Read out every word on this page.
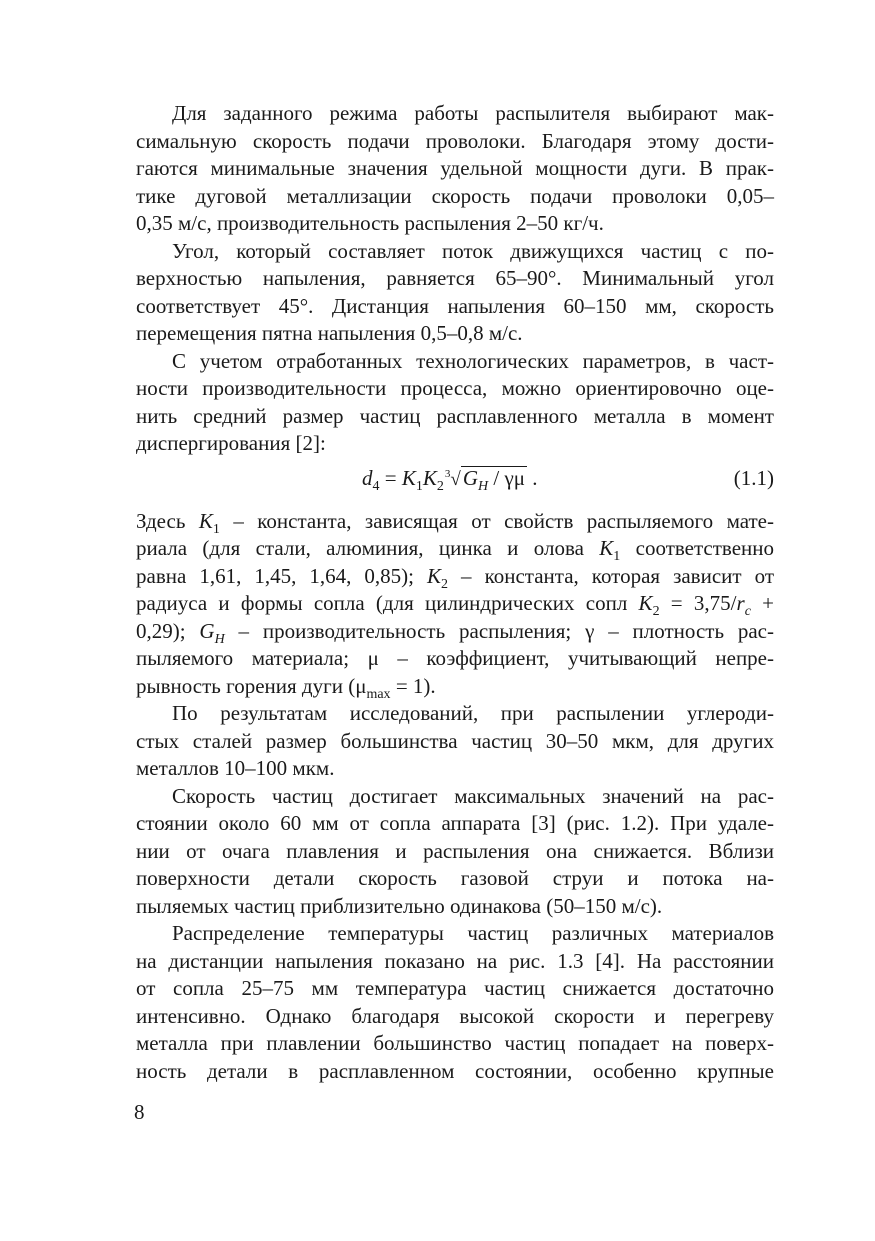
Для заданного режима работы распылителя выбирают мак-
симальную скорость подачи проволоки. Благодаря этому дости-
гаются минимальные значения удельной мощности дуги. В прак-
тике дуговой металлизации скорость подачи проволоки 0,05–
0,35 м/с, производительность распыления 2–50 кг/ч.
Угол, который составляет поток движущихся частиц с по-
верхностью напыления, равняется 65–90°. Минимальный угол
соответствует 45°. Дистанция напыления 60–150 мм, скорость
перемещения пятна напыления 0,5–0,8 м/с.
С учетом отработанных технологических параметров, в част-
ности производительности процесса, можно ориентировочно оце-
нить средний размер частиц расплавленного металла в момент
диспергирования [2]:
$d_4 = K_1K_2^3√G_H / \gamma\mu$ .	(1.1)
Здесь $K_1$ – константа, зависящая от свойств распыляемого мате-
риала (для стали, алюминия, цинка и олова $K_1$ соответственно
равна 1,61, 1,45, 1,64, 0,85); $K_2$ – константа, которая зависит от
радиуса и формы сопла (для цилиндрических сопл $K_2 = 3,75/r_c$ +
0,29); $G_H$ – производительность распыления; γ – плотность рас-
пыляемого материала; μ – коэффициент, учитывающий непре-
рывность горения дуги $(\mu_{max} = 1)$.
По результатам исследований, при распылении углероди-
стых сталей размер большинства частиц 30–50 мкм, для других
металлов 10–100 мкм.
Скорость частиц достигает максимальных значений на рас-
стоянии около 60 мм от сопла аппарата [3] (рис. 1.2). При удале-
нии от очага плавления и распыления она снижается. Вблизи
поверхности детали скорость газовой струи и потока на-
пыляемых частиц приблизительно одинакова (50–150 м/с).
Распределение температуры частиц различных материалов
на дистанции напыления показано на рис. 1.3 [4]. На расстоянии
от сопла 25–75 мм температура частиц снижается достаточно
интенсивно. Однако благодаря высокой скорости и перегреву
металла при плавлении большинство частиц попадает на поверх-
ность детали в расплавленном состоянии, особенно крупные
8
